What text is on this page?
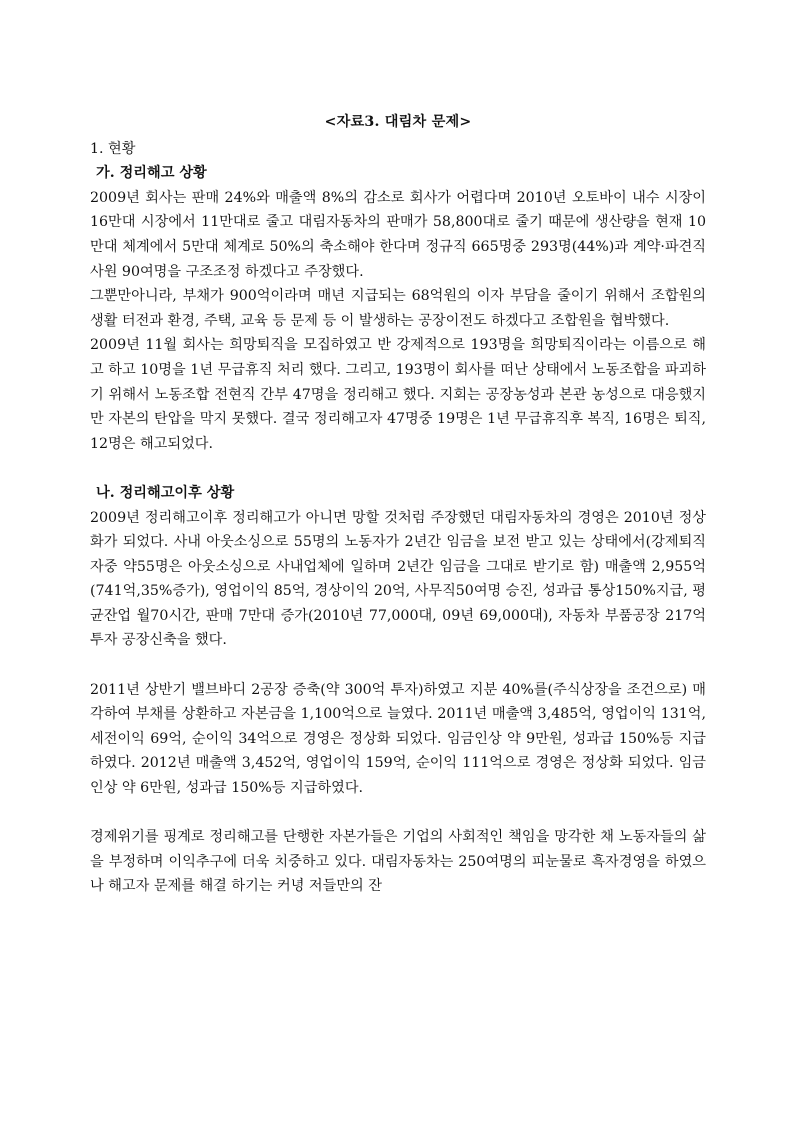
<자료3. 대림차 문제>
1. 현황
가. 정리해고 상황

2009년 회사는 판매 24%와 매출액 8%의 감소로 회사가 어렵다며 2010년 오토바이 내수 시장이 16만대 시장에서 11만대로 줄고 대림자동차의 판매가 58,800대로 줄기 때문에 생산량을 현재 10만대 체계에서 5만대 체계로 50%의 축소해야 한다며 정규직 665명중 293명(44%)과 계약·파견직 사원 90여명을 구조조정 하겠다고 주장했다.

그뿐만아니라, 부채가 900억이라며 매년 지급되는 68억원의 이자 부담을 줄이기 위해서 조합원의 생활 터전과 환경, 주택, 교육 등 문제 등 이 발생하는 공장이전도 하겠다고 조합원을 협박했다.

2009년 11월 회사는 희망퇴직을 모집하였고 반 강제적으로 193명을 희망퇴직이라는 이름으로 해고 하고 10명을 1년 무급휴직 처리 했다. 그리고, 193명이 회사를 떠난 상태에서 노동조합을 파괴하기 위해서 노동조합 전현직 간부 47명을 정리해고 했다. 지회는 공장농성과 본관 농성으로 대응했지만 자본의 탄압을 막지 못했다. 결국 정리해고자 47명중 19명은 1년 무급휴직후 복직, 16명은 퇴직, 12명은 해고되었다.

나. 정리해고이후 상황

2009년 정리해고이후 정리해고가 아니면 망할 것처럼 주장했던 대림자동차의 경영은 2010년 정상화가 되었다. 사내 아웃소싱으로 55명의 노동자가 2년간 임금을 보전 받고 있는 상태에서(강제퇴직자중 약55명은 아웃소싱으로 사내업체에 일하며 2년간 임금을 그대로 받기로 함) 매출액 2,955억(741억,35%증가), 영업이익 85억, 경상이익 20억, 사무직50여명 승진, 성과급 통상150%지급, 평균잔업 월70시간, 판매 7만대 증가(2010년 77,000대, 09년 69,000대), 자동차 부품공장 217억 투자 공장신축을 했다.

2011년 상반기 밸브바디 2공장 증축(약 300억 투자)하였고 지분 40%를(주식상장을 조건으로) 매각하여 부채를 상환하고 자본금을 1,100억으로 늘였다. 2011년 매출액 3,485억, 영업이익 131억, 세전이익 69억, 순이익 34억으로 경영은 정상화 되었다. 임금인상 약 9만원, 성과급 150%등 지급하였다. 2012년 매출액 3,452억, 영업이익 159억, 순이익 111억으로 경영은 정상화 되었다. 임금인상 약 6만원, 성과급 150%등 지급하였다.

경제위기를 핑계로 정리해고를 단행한 자본가들은 기업의 사회적인 책임을 망각한 채 노동자들의 삶을 부정하며 이익추구에 더욱 치중하고 있다. 대림자동차는 250여명의 피눈물로 흑자경영을 하였으나 해고자 문제를 해결 하기는 커녕 저들만의 잔
